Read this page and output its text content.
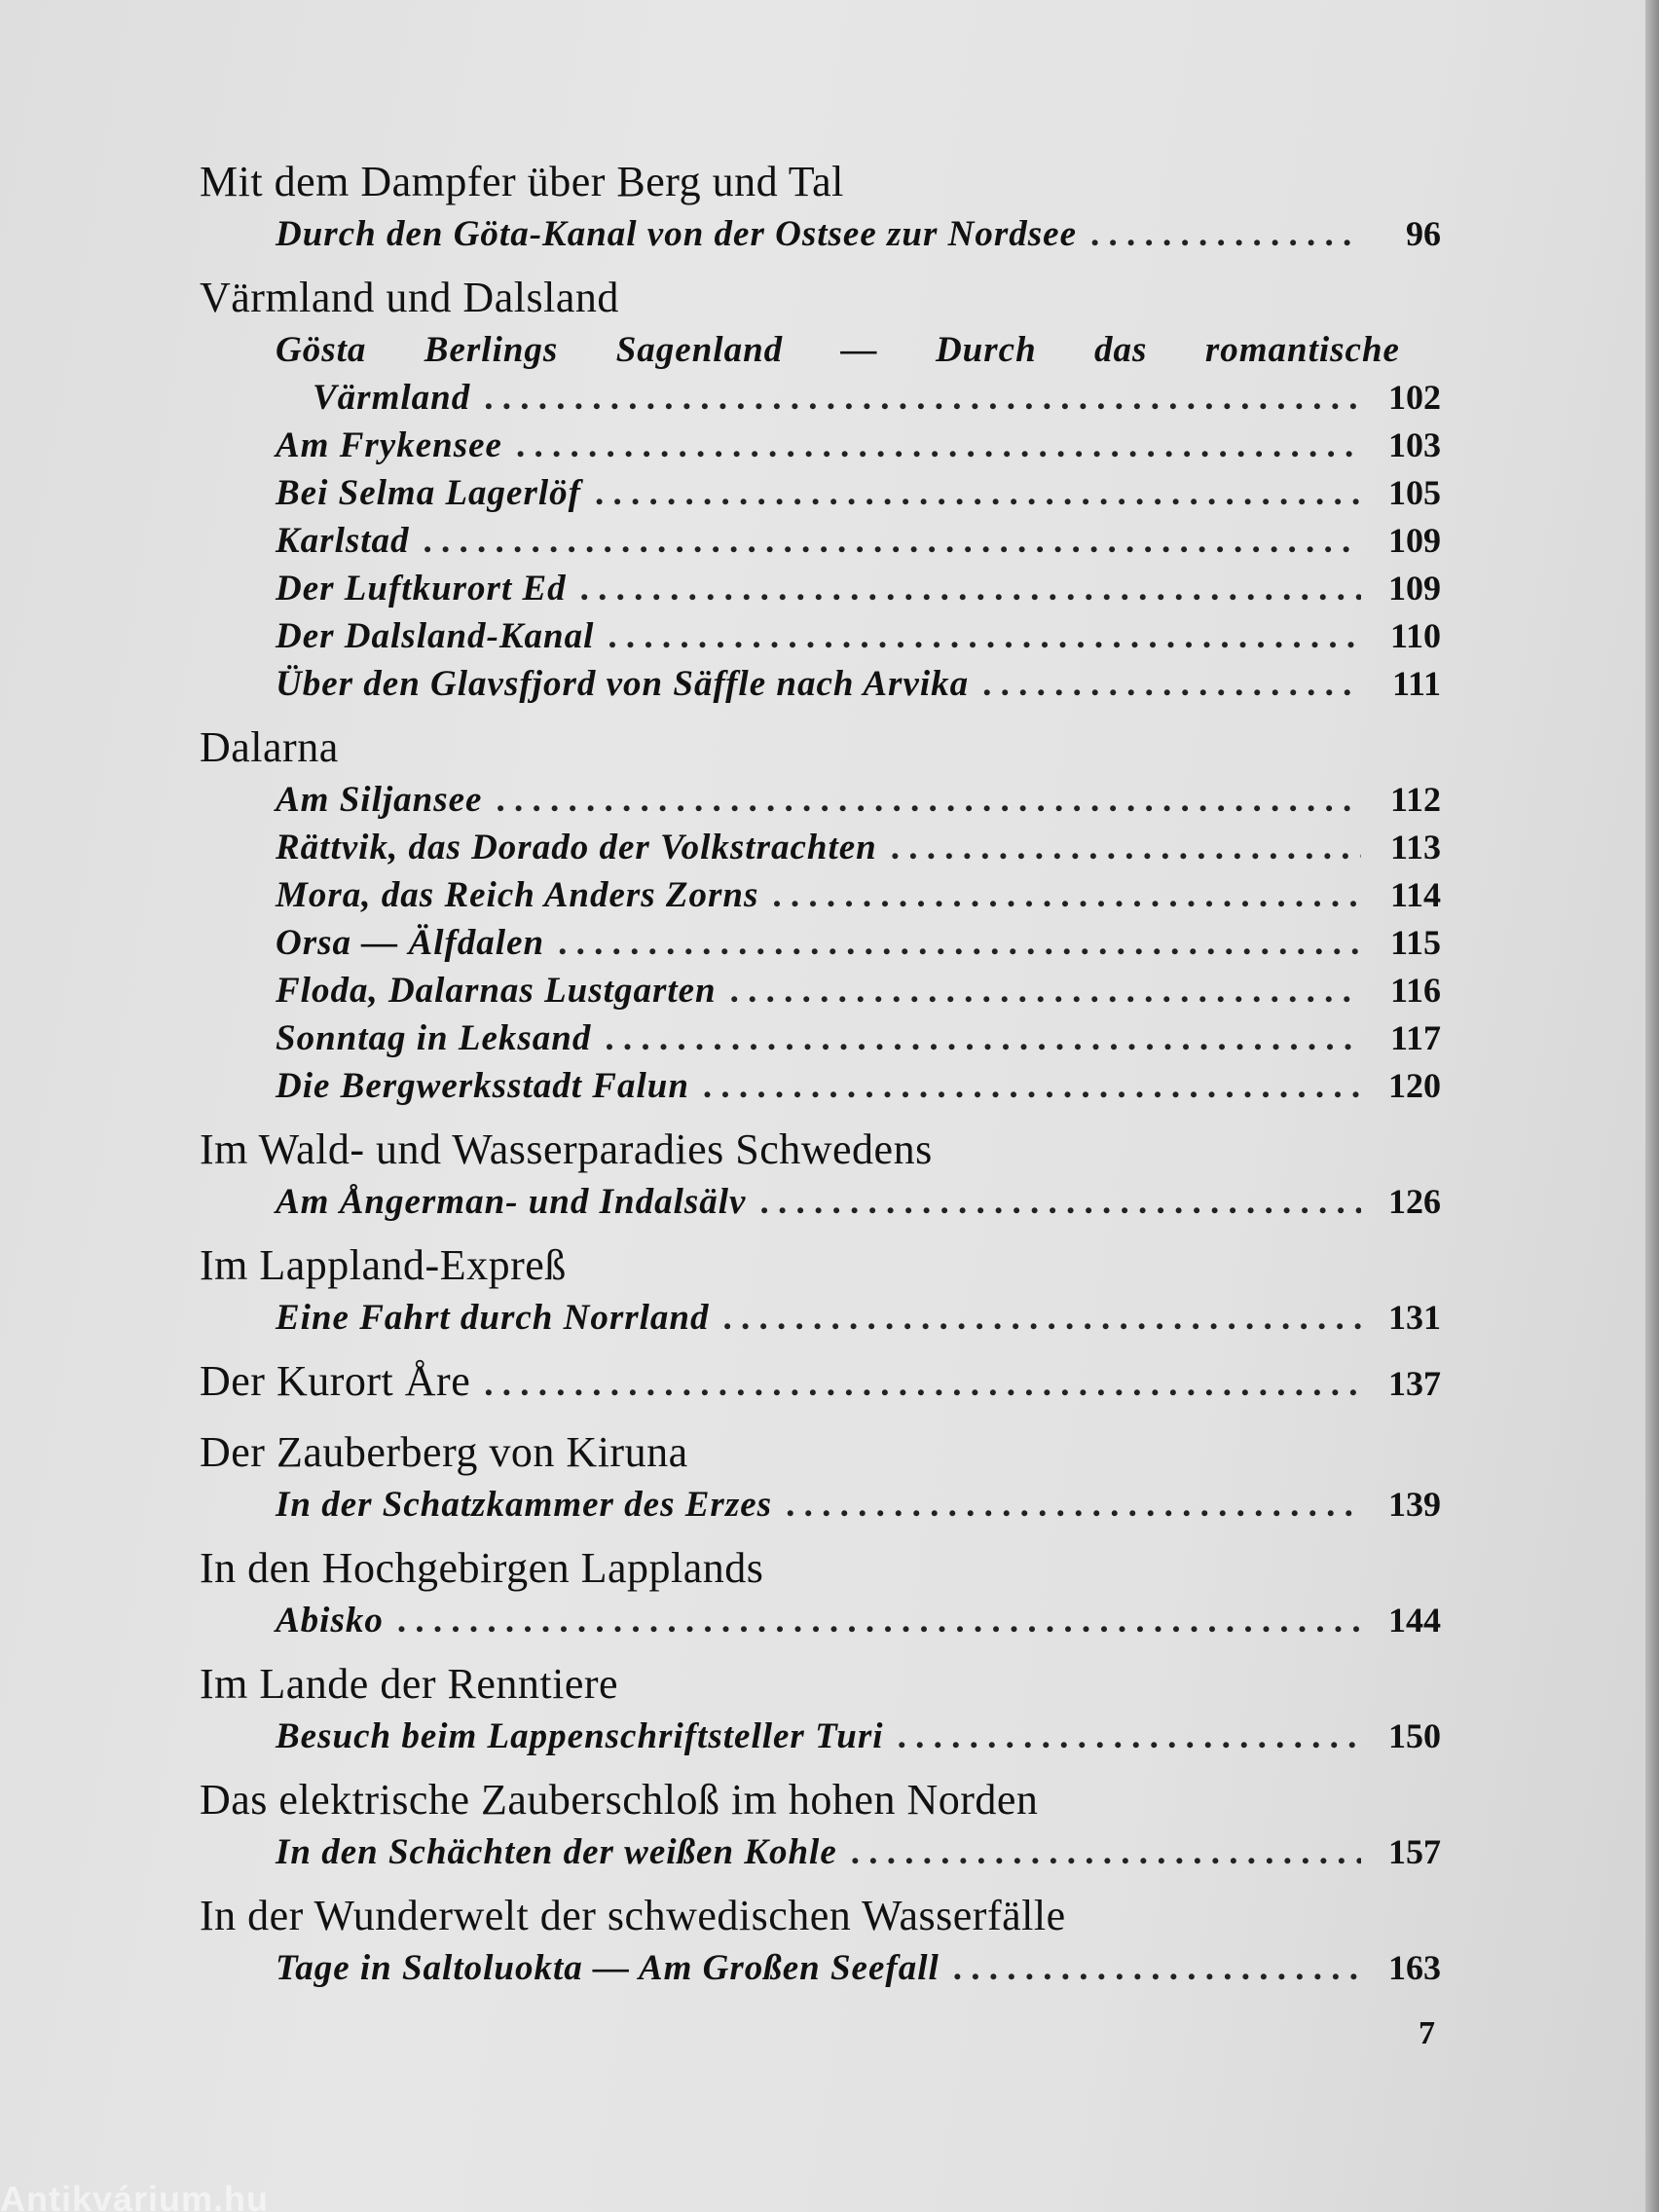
Mit dem Dampfer über Berg und Tal
Durch den Göta-Kanal von der Ostsee zur Nordsee . . .	96
Värmland und Dalsland
Gösta Berlings Sagenland — Durch das romantische
Värmland . . .	102
Am Frykensee . . .	103
Bei Selma Lagerlöf . . .	105
Karlstad . . .	109
Der Luftkurort Ed . . .	109
Der Dalsland-Kanal . . .	110
Über den Glavsfjord von Säffle nach Arvika . . .	111
Dalarna
Am Siljansee . . .	112
Rättvik, das Dorado der Volkstrachten . . .	113
Mora, das Reich Anders Zorns . . .	114
Orsa — Älfdalen . . .	115
Floda, Dalarnas Lustgarten . . .	116
Sonntag in Leksand . . .	117
Die Bergwerksstadt Falun . . .	120
Im Wald- und Wasserparadies Schwedens
Am Ångerman- und Indalsälv . . .	126
Im Lappland-Expreß
Eine Fahrt durch Norrland . . .	131
Der Kurort Åre . . .	137
Der Zauberberg von Kiruna
In der Schatzkammer des Erzes . . .	139
In den Hochgebirgen Lapplands
Abisko . . .	144
Im Lande der Renntiere
Besuch beim Lappenschriftsteller Turi . . .	150
Das elektrische Zauberschloß im hohen Norden
In den Schächten der weißen Kohle . . .	157
In der Wunderwelt der schwedischen Wasserfälle
Tage in Saltoluokta — Am Großen Seefall . . .	163
7
Antikvárium.hu
